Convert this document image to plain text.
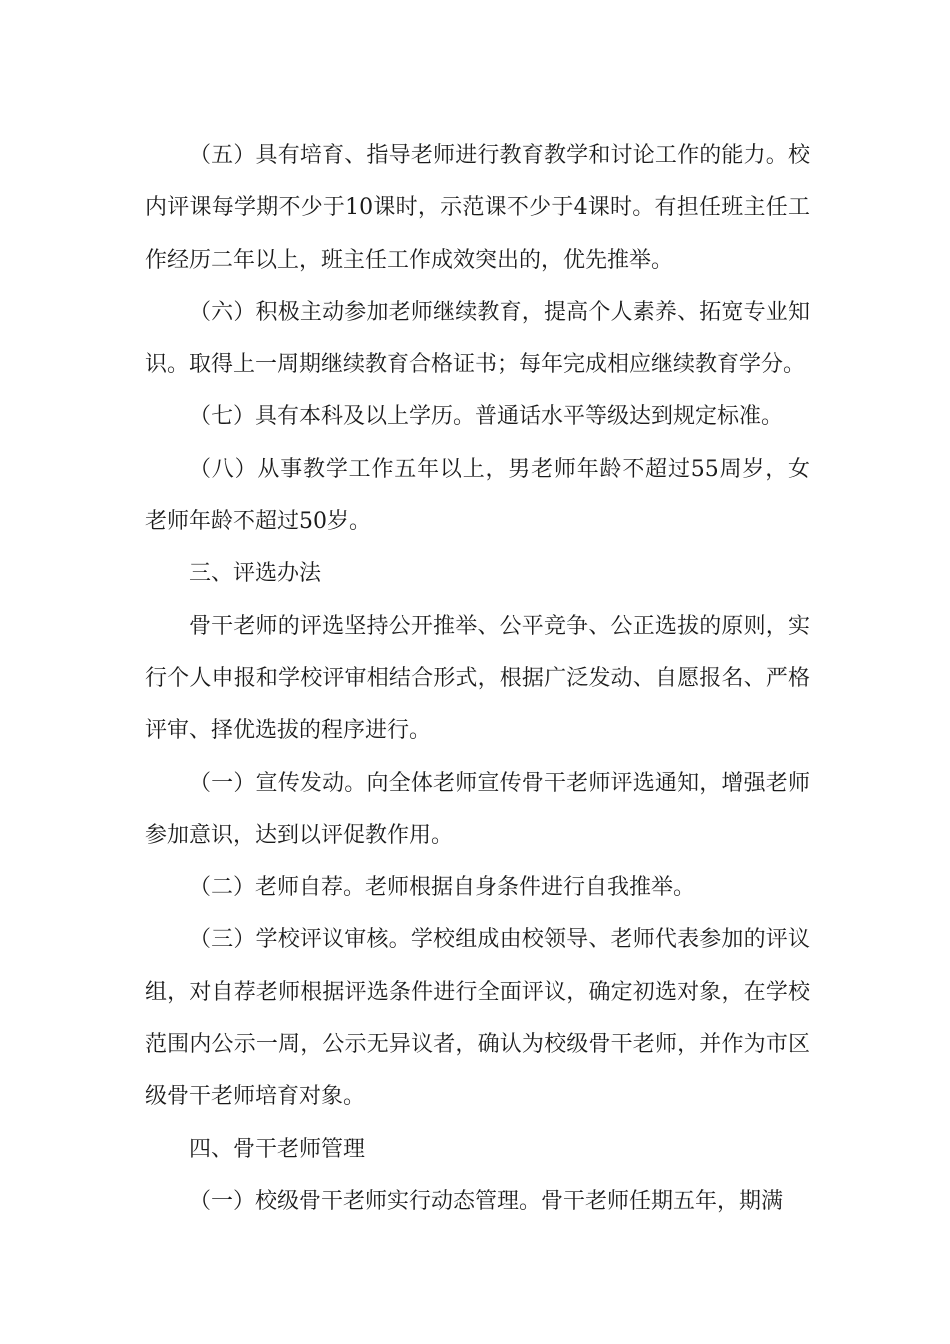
（五）具有培育、指导老师进行教育教学和讨论工作的能力。校内评课每学期不少于10课时，示范课不少于4课时。有担任班主任工作经历二年以上，班主任工作成效突出的，优先推举。

（六）积极主动参加老师继续教育，提高个人素养、拓宽专业知识。取得上一周期继续教育合格证书；每年完成相应继续教育学分。

（七）具有本科及以上学历。普通话水平等级达到规定标准。

（八）从事教学工作五年以上，男老师年龄不超过55周岁，女老师年龄不超过50岁。

三、评选办法

骨干老师的评选坚持公开推举、公平竞争、公正选拔的原则，实行个人申报和学校评审相结合形式，根据广泛发动、自愿报名、严格评审、择优选拔的程序进行。

（一）宣传发动。向全体老师宣传骨干老师评选通知，增强老师参加意识，达到以评促教作用。

（二）老师自荐。老师根据自身条件进行自我推举。

（三）学校评议审核。学校组成由校领导、老师代表参加的评议组，对自荐老师根据评选条件进行全面评议，确定初选对象，在学校范围内公示一周，公示无异议者，确认为校级骨干老师，并作为市区级骨干老师培育对象。

四、骨干老师管理

（一）校级骨干老师实行动态管理。骨干老师任期五年，期满
